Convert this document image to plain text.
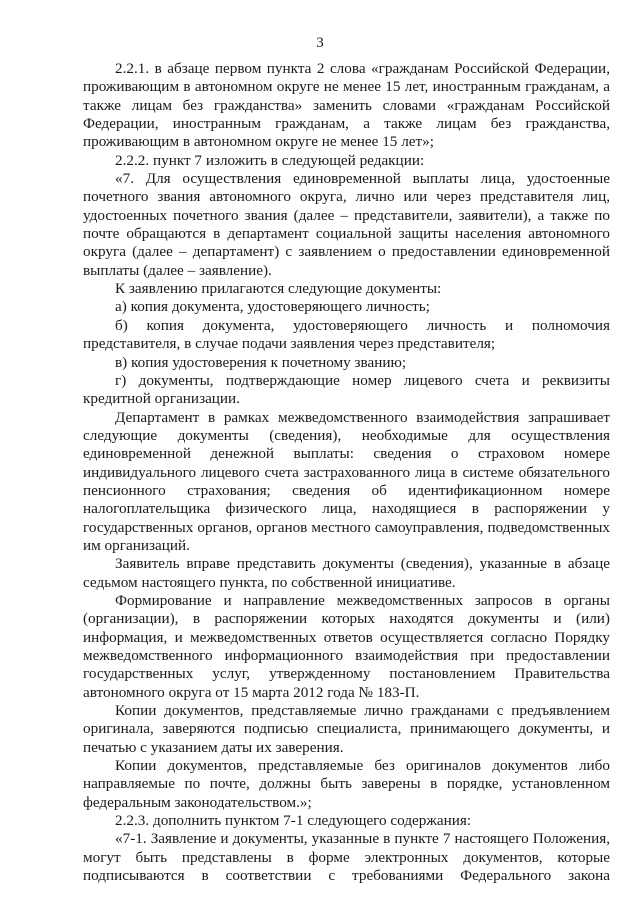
3

2.2.1. в абзаце первом пункта 2 слова «гражданам Российской Федерации, проживающим в автономном округе не менее 15 лет, иностранным гражданам, а также лицам без гражданства» заменить словами «гражданам Российской Федерации, иностранным гражданам, а также лицам без гражданства, проживающим в автономном округе не менее 15 лет»;

2.2.2. пункт 7 изложить в следующей редакции:

«7. Для осуществления единовременной выплаты лица, удостоенные почетного звания автономного округа, лично или через представителя лиц, удостоенных почетного звания (далее – представители, заявители), а также по почте обращаются в департамент социальной защиты населения автономного округа (далее – департамент) с заявлением о предоставлении единовременной выплаты (далее – заявление).

К заявлению прилагаются следующие документы:

а) копия документа, удостоверяющего личность;

б) копия документа, удостоверяющего личность и полномочия представителя, в случае подачи заявления через представителя;

в) копия удостоверения к почетному званию;

г) документы, подтверждающие номер лицевого счета и реквизиты кредитной организации.

Департамент в рамках межведомственного взаимодействия запрашивает следующие документы (сведения), необходимые для осуществления единовременной денежной выплаты: сведения о страховом номере индивидуального лицевого счета застрахованного лица в системе обязательного пенсионного страхования; сведения об идентификационном номере налогоплательщика физического лица, находящиеся в распоряжении у государственных органов, органов местного самоуправления, подведомственных им организаций.

Заявитель вправе представить документы (сведения), указанные в абзаце седьмом настоящего пункта, по собственной инициативе.

Формирование и направление межведомственных запросов в органы (организации), в распоряжении которых находятся документы и (или) информация, и межведомственных ответов осуществляется согласно Порядку межведомственного информационного взаимодействия при предоставлении государственных услуг, утвержденному постановлением Правительства автономного округа от 15 марта 2012 года № 183-П.

Копии документов, представляемые лично гражданами с предъявлением оригинала, заверяются подписью специалиста, принимающего документы, и печатью с указанием даты их заверения.

Копии документов, представляемые без оригиналов документов либо направляемые по почте, должны быть заверены в порядке, установленном федеральным законодательством.»;

2.2.3. дополнить пунктом 7-1 следующего содержания:

«7-1. Заявление и документы, указанные в пункте 7 настоящего Положения, могут быть представлены в форме электронных документов, которые подписываются в соответствии с требованиями Федерального закона
